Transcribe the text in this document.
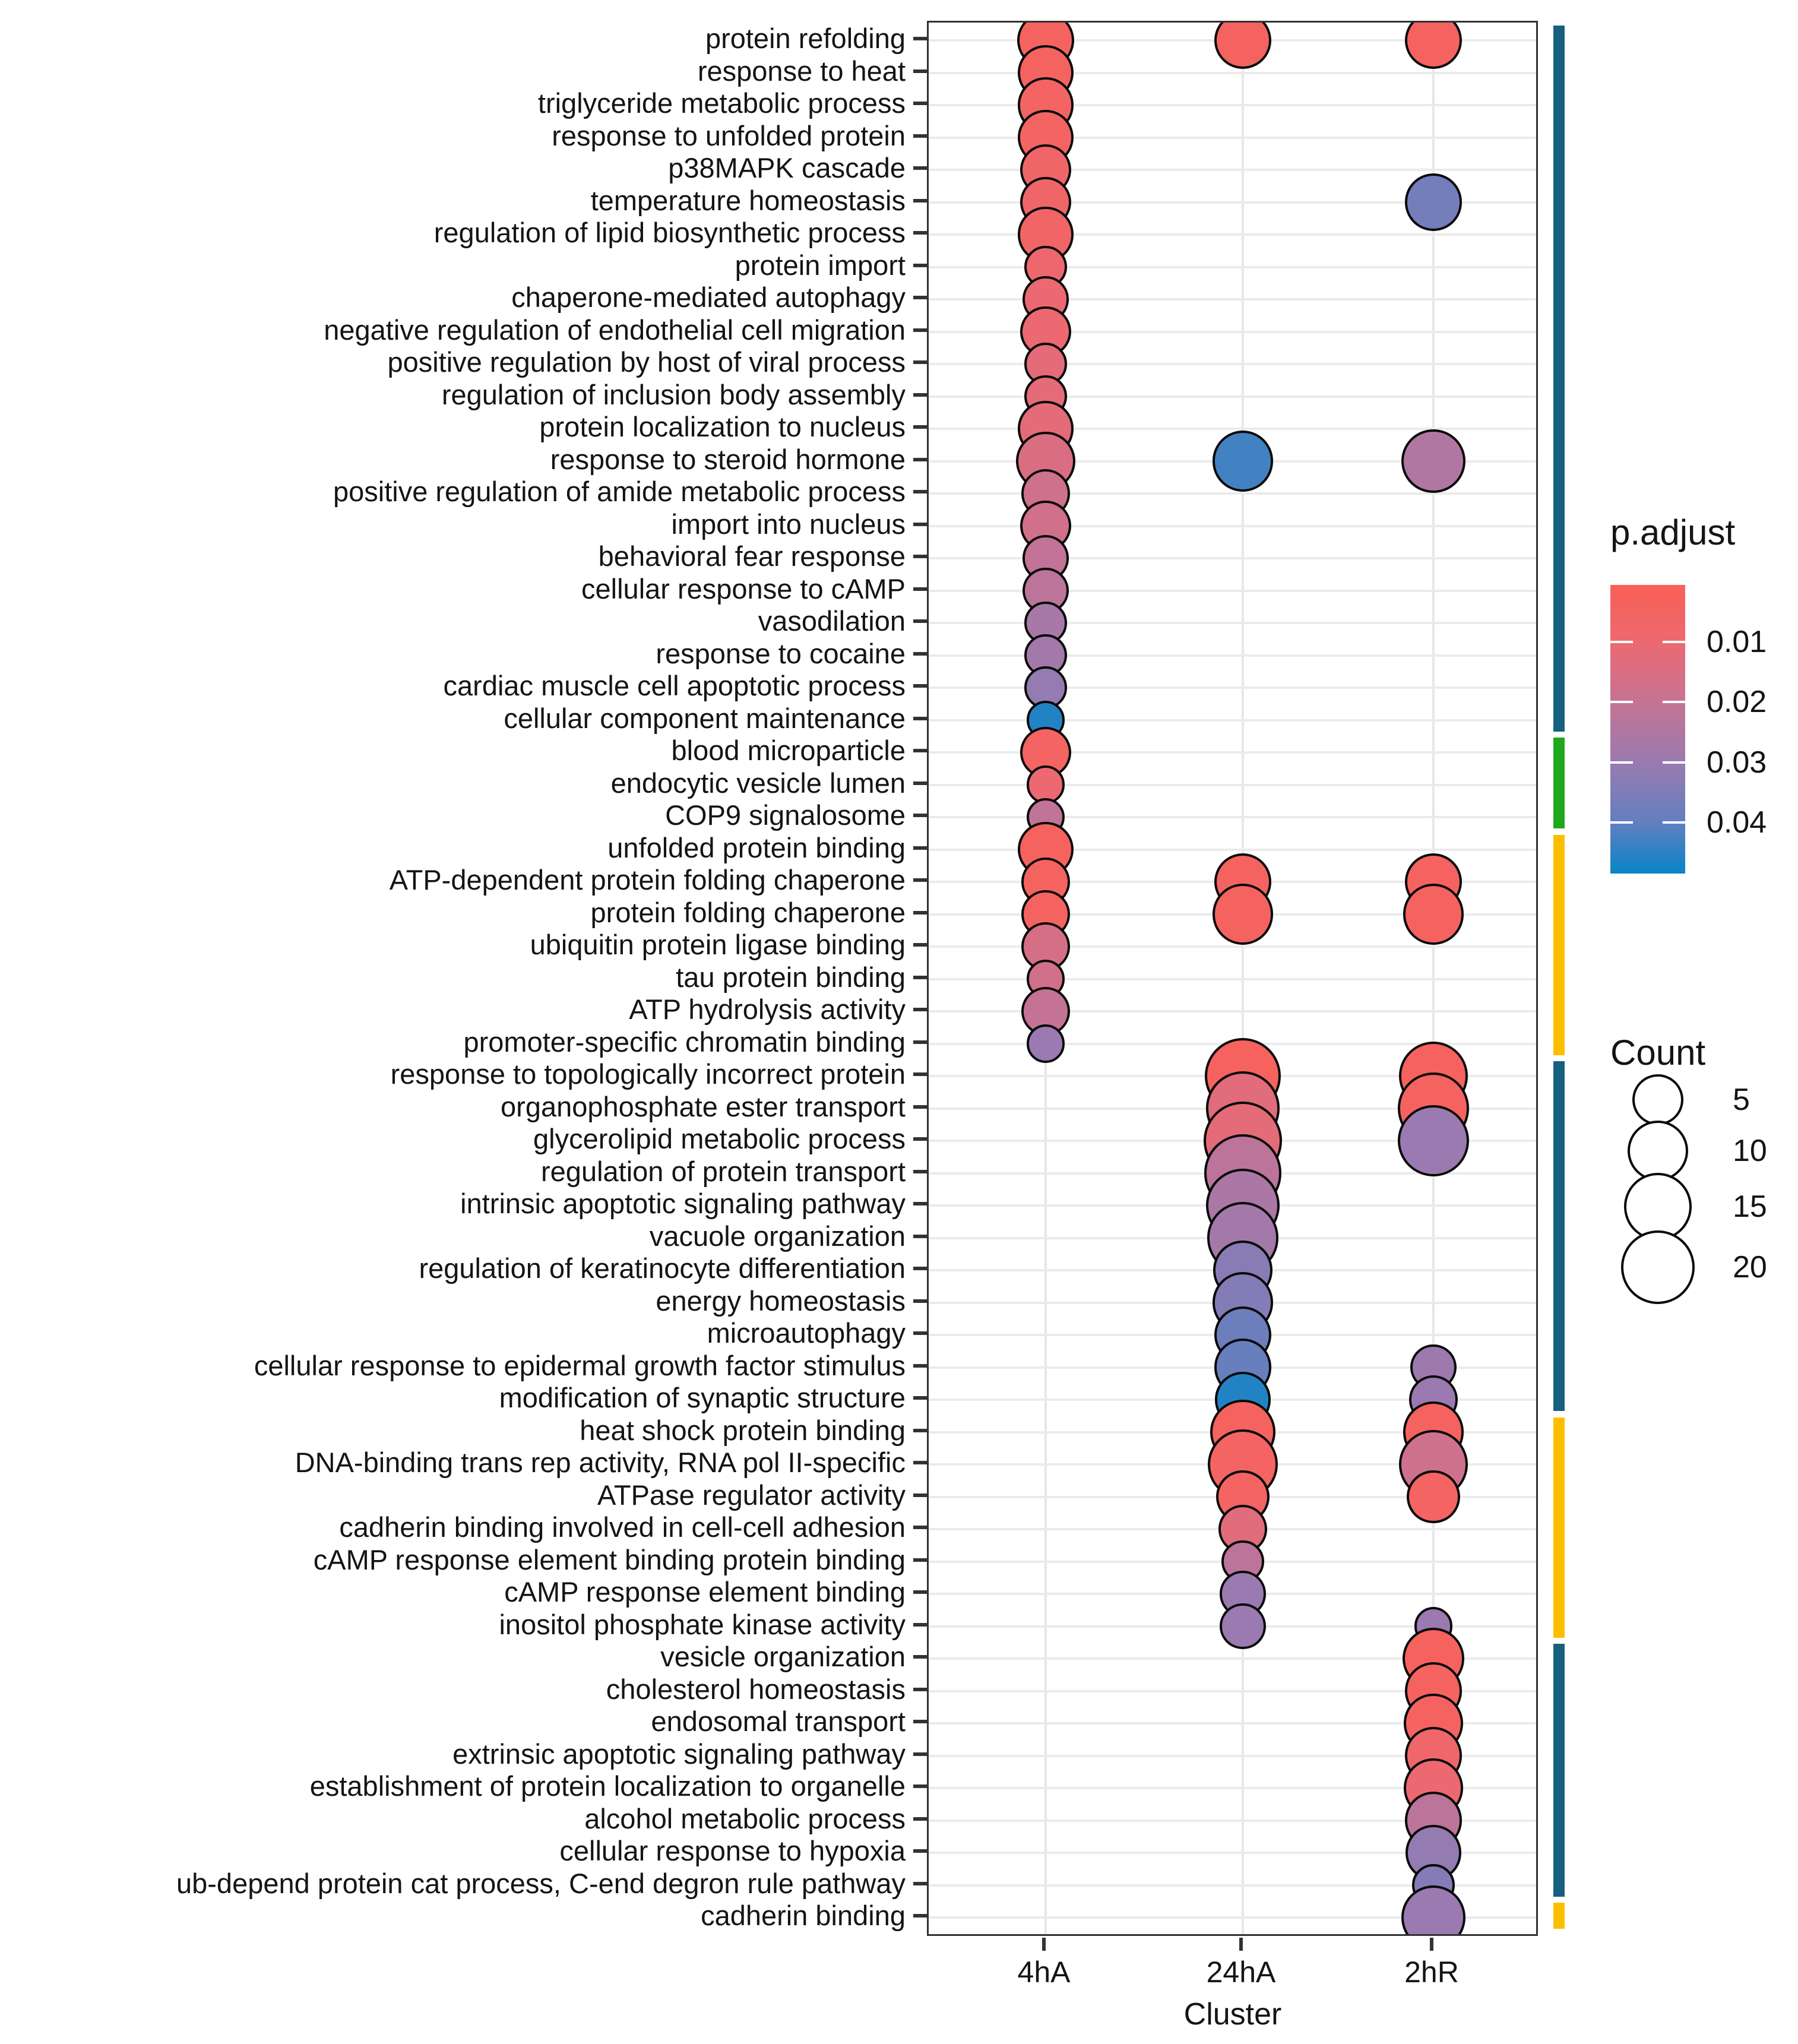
protein refolding
response to heat
triglyceride metabolic process
response to unfolded protein
p38MAPK cascade
temperature homeostasis
regulation of lipid biosynthetic process
protein import
chaperone-mediated autophagy
negative regulation of endothelial cell migration
positive regulation by host of viral process
regulation of inclusion body assembly
protein localization to nucleus
response to steroid hormone
positive regulation of amide metabolic process
import into nucleus
behavioral fear response
cellular response to cAMP
vasodilation
response to cocaine
cardiac muscle cell apoptotic process
cellular component maintenance
blood microparticle
endocytic vesicle lumen
COP9 signalosome
unfolded protein binding
ATP-dependent protein folding chaperone
protein folding chaperone
ubiquitin protein ligase binding
tau protein binding
ATP hydrolysis activity
promoter-specific chromatin binding
response to topologically incorrect protein
organophosphate ester transport
glycerolipid metabolic process
regulation of protein transport
intrinsic apoptotic signaling pathway
vacuole organization
regulation of keratinocyte differentiation
energy homeostasis
microautophagy
cellular response to epidermal growth factor stimulus
modification of synaptic structure
heat shock protein binding
DNA-binding trans rep activity, RNA pol II-specific
ATPase regulator activity
cadherin binding involved in cell-cell adhesion
cAMP response element binding protein binding
cAMP response element binding
inositol phosphate kinase activity
vesicle organization
cholesterol homeostasis
endosomal transport
extrinsic apoptotic signaling pathway
establishment of protein localization to organelle
alcohol metabolic process
cellular response to hypoxia
ub-depend protein cat process, C-end degron rule pathway
cadherin binding
4hA	24hA	2hR
Cluster
p.adjust
0.01
0.02
0.03
0.04
Count
5
10
15
20
